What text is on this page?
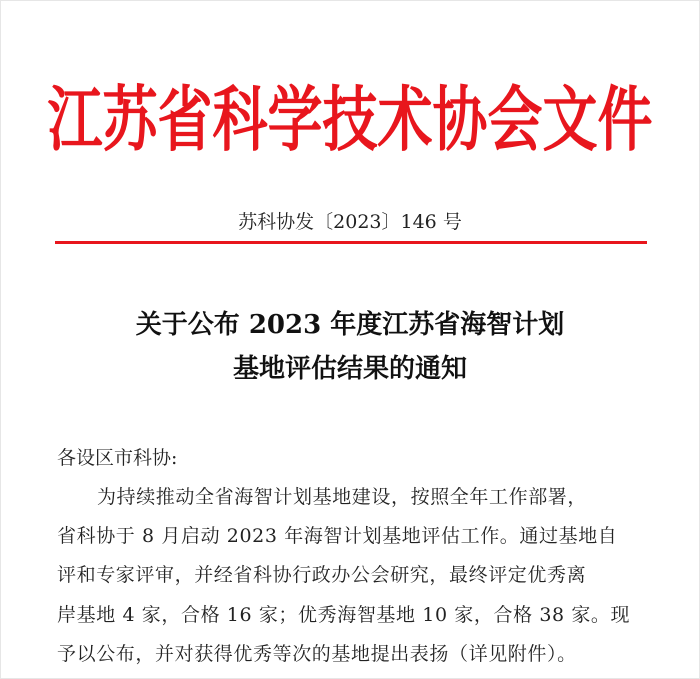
江苏省科学技术协会文件
苏科协发〔2023〕146 号
关于公布 2023 年度江苏省海智计划
基地评估结果的通知
各设区市科协:
为持续推动全省海智计划基地建设，按照全年工作部署，
省科协于 8 月启动 2023 年海智计划基地评估工作。通过基地自
评和专家评审，并经省科协行政办公会研究，最终评定优秀离
岸基地 4 家，合格 16 家；优秀海智基地 10 家，合格 38 家。现
予以公布，并对获得优秀等次的基地提出表扬（详见附件）。
